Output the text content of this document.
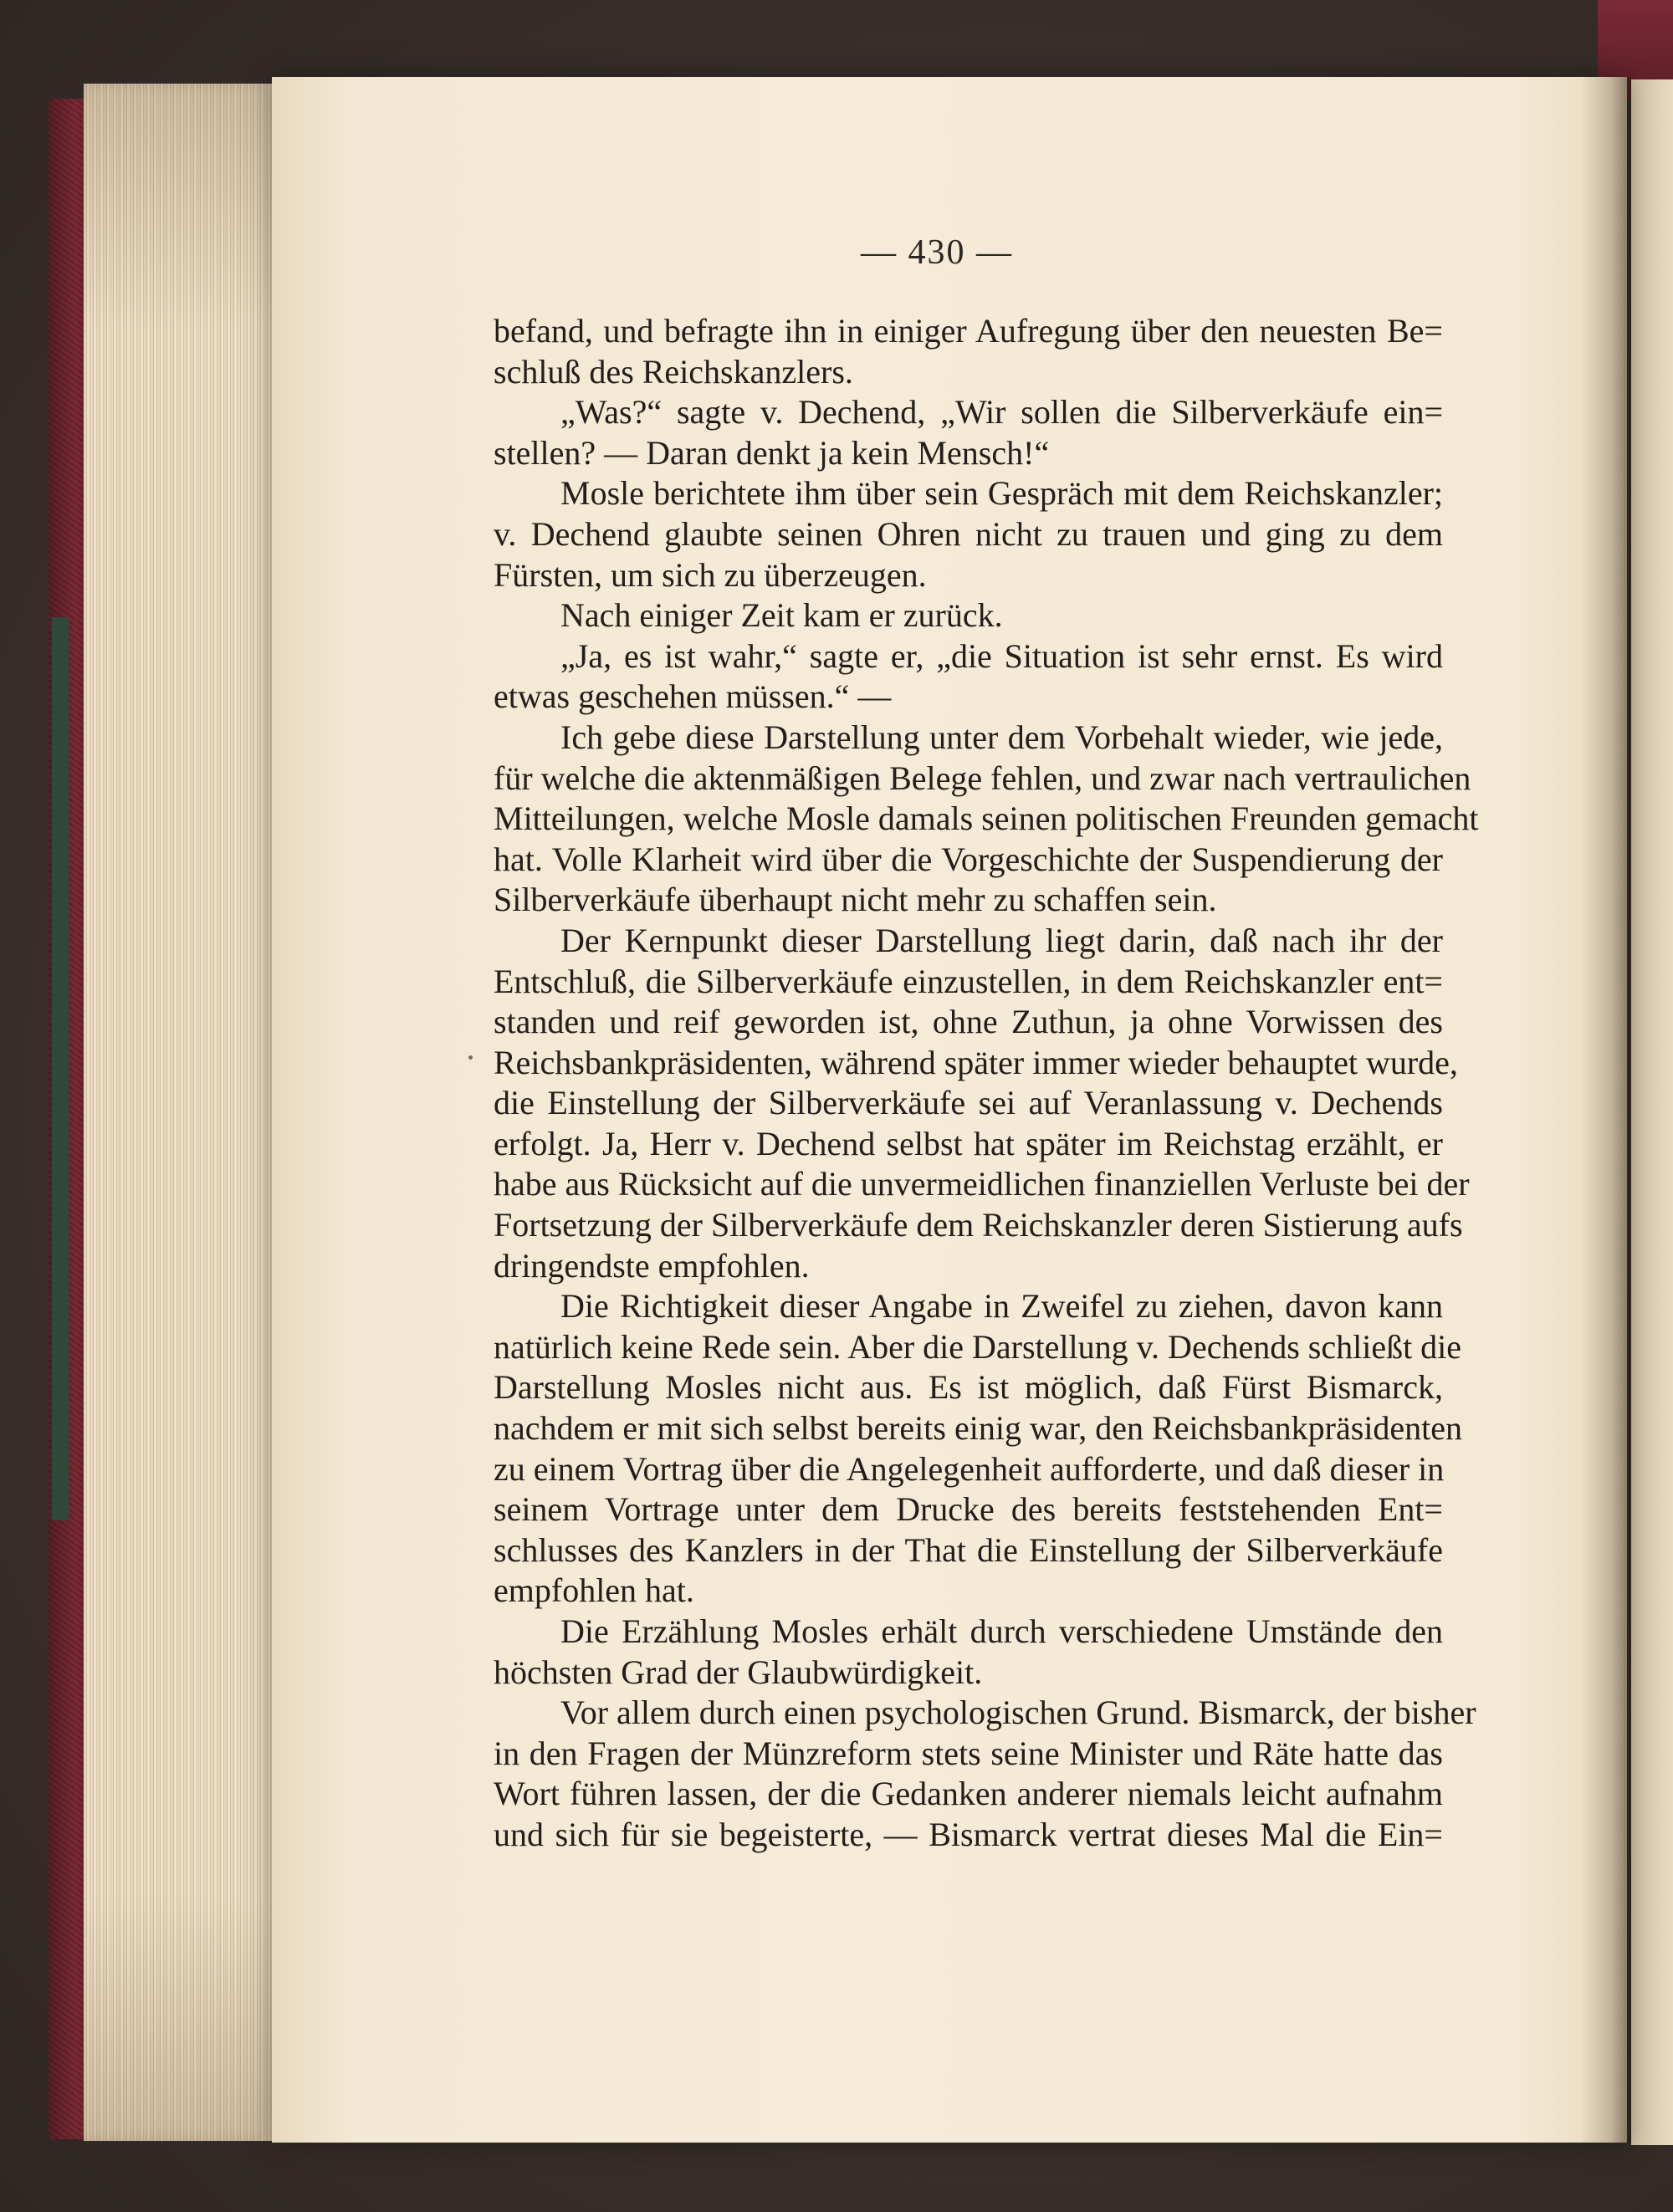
— 430 —
befand, und befragte ihn in einiger Aufregung über den neuesten Be=
schluß des Reichskanzlers.
„Was?“ sagte v. Dechend, „Wir sollen die Silberverkäufe ein=
stellen? — Daran denkt ja kein Mensch!“
Mosle berichtete ihm über sein Gespräch mit dem Reichskanzler;
v. Dechend glaubte seinen Ohren nicht zu trauen und ging zu dem
Fürsten, um sich zu überzeugen.
Nach einiger Zeit kam er zurück.
„Ja, es ist wahr,“ sagte er, „die Situation ist sehr ernst. Es wird
etwas geschehen müssen.“ —
Ich gebe diese Darstellung unter dem Vorbehalt wieder, wie jede,
für welche die aktenmäßigen Belege fehlen, und zwar nach vertraulichen
Mitteilungen, welche Mosle damals seinen politischen Freunden gemacht
hat. Volle Klarheit wird über die Vorgeschichte der Suspendierung der
Silberverkäufe überhaupt nicht mehr zu schaffen sein.
Der Kernpunkt dieser Darstellung liegt darin, daß nach ihr der
Entschluß, die Silberverkäufe einzustellen, in dem Reichskanzler ent=
standen und reif geworden ist, ohne Zuthun, ja ohne Vorwissen des
Reichsbankpräsidenten, während später immer wieder behauptet wurde,
die Einstellung der Silberverkäufe sei auf Veranlassung v. Dechends
erfolgt. Ja, Herr v. Dechend selbst hat später im Reichstag erzählt, er
habe aus Rücksicht auf die unvermeidlichen finanziellen Verluste bei der
Fortsetzung der Silberverkäufe dem Reichskanzler deren Sistierung aufs
dringendste empfohlen.
Die Richtigkeit dieser Angabe in Zweifel zu ziehen, davon kann
natürlich keine Rede sein. Aber die Darstellung v. Dechends schließt die
Darstellung Mosles nicht aus. Es ist möglich, daß Fürst Bismarck,
nachdem er mit sich selbst bereits einig war, den Reichsbankpräsidenten
zu einem Vortrag über die Angelegenheit aufforderte, und daß dieser in
seinem Vortrage unter dem Drucke des bereits feststehenden Ent=
schlusses des Kanzlers in der That die Einstellung der Silberverkäufe
empfohlen hat.
Die Erzählung Mosles erhält durch verschiedene Umstände den
höchsten Grad der Glaubwürdigkeit.
Vor allem durch einen psychologischen Grund. Bismarck, der bisher
in den Fragen der Münzreform stets seine Minister und Räte hatte das
Wort führen lassen, der die Gedanken anderer niemals leicht aufnahm
und sich für sie begeisterte, — Bismarck vertrat dieses Mal die Ein=
